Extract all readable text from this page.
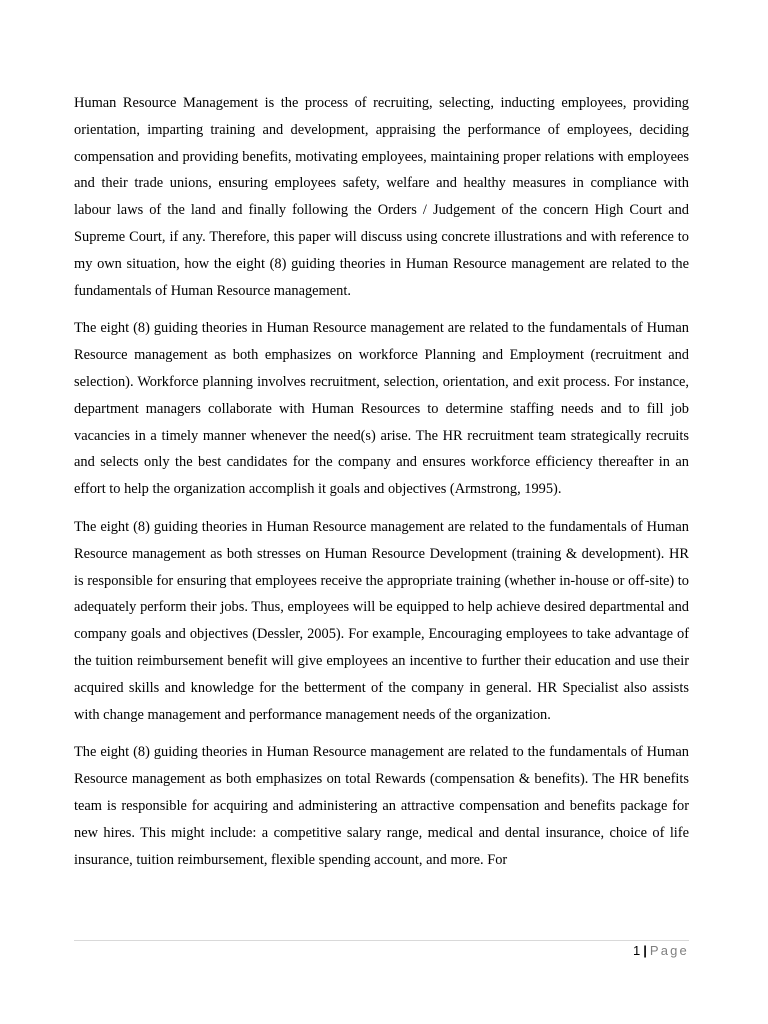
Human Resource Management is the process of recruiting, selecting, inducting employees, providing orientation, imparting training and development, appraising the performance of employees, deciding compensation and providing benefits, motivating employees, maintaining proper relations with employees and their trade unions, ensuring employees safety, welfare and healthy measures in compliance with labour laws of the land and finally following the Orders / Judgement of the concern High Court and Supreme Court, if any. Therefore, this paper will discuss using concrete illustrations and with reference to my own situation, how the eight (8) guiding theories in Human Resource management are related to the fundamentals of Human Resource management.

The eight (8) guiding theories in Human Resource management are related to the fundamentals of Human Resource management as both emphasizes on workforce Planning and Employment (recruitment and selection). Workforce planning involves recruitment, selection, orientation, and exit process. For instance, department managers collaborate with Human Resources to determine staffing needs and to fill job vacancies in a timely manner whenever the need(s) arise. The HR recruitment team strategically recruits and selects only the best candidates for the company and ensures workforce efficiency thereafter in an effort to help the organization accomplish it goals and objectives (Armstrong, 1995).

The eight (8) guiding theories in Human Resource management are related to the fundamentals of Human Resource management as both stresses on Human Resource Development (training & development). HR is responsible for ensuring that employees receive the appropriate training (whether in-house or off-site) to adequately perform their jobs. Thus, employees will be equipped to help achieve desired departmental and company goals and objectives (Dessler, 2005). For example, Encouraging employees to take advantage of the tuition reimbursement benefit will give employees an incentive to further their education and use their acquired skills and knowledge for the betterment of the company in general. HR Specialist also assists with change management and performance management needs of the organization.

The eight (8) guiding theories in Human Resource management are related to the fundamentals of Human Resource management as both emphasizes on total Rewards (compensation & benefits). The HR benefits team is responsible for acquiring and administering an attractive compensation and benefits package for new hires. This might include: a competitive salary range, medical and dental insurance, choice of life insurance, tuition reimbursement, flexible spending account, and more. For

1 | Page
